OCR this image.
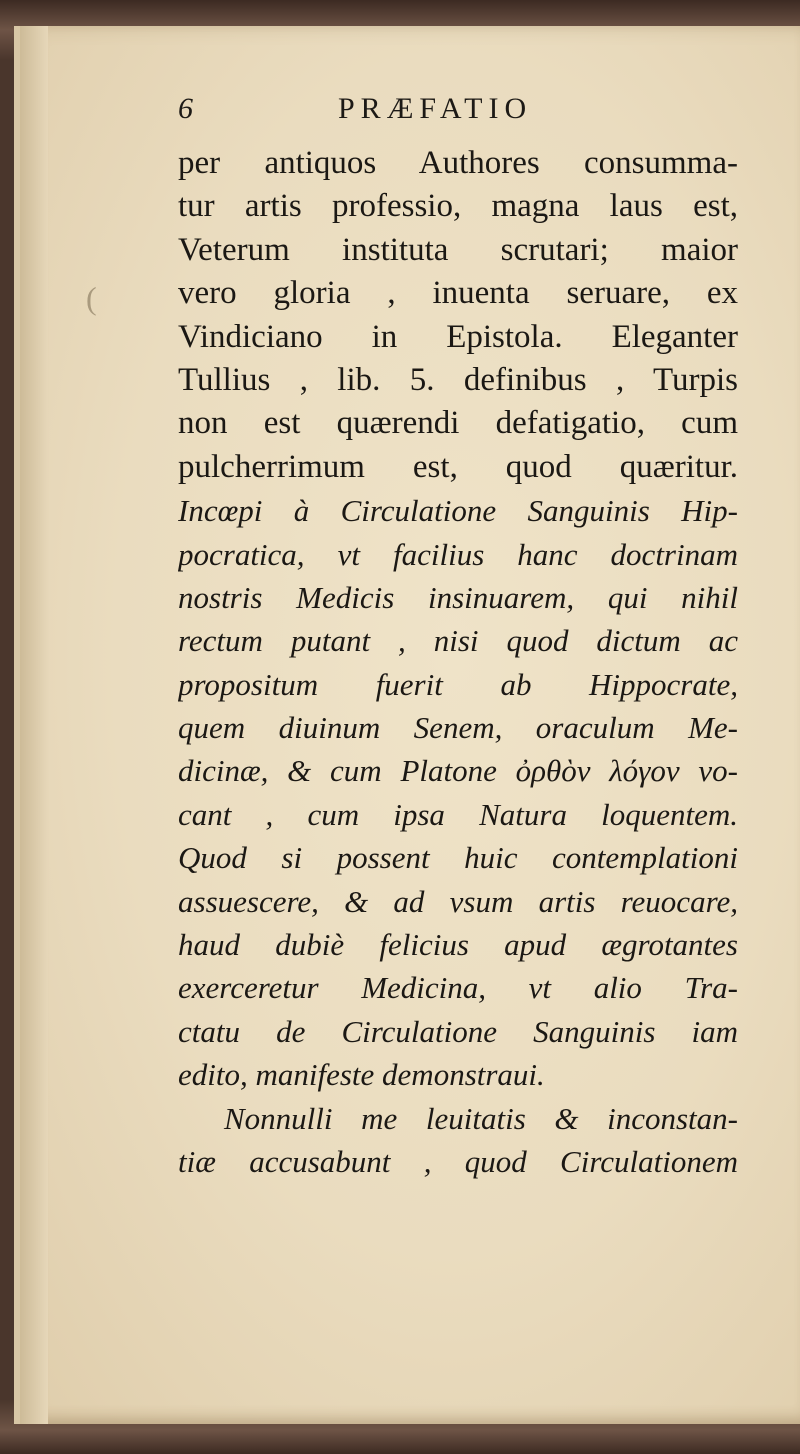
(
6	PRÆFATIO
per antiquos Authores consumma-
tur artis professio, magna laus est,
Veterum instituta scrutari; maior
vero gloria , inuenta seruare, ex
Vindiciano in Epistola. Eleganter
Tullius , lib. 5. definibus , Turpis
non est quærendi defatigatio, cum
pulcherrimum est, quod quæritur.
Incœpi à Circulatione Sanguinis Hip-
pocratica, vt facilius hanc doctrinam
nostris Medicis insinuarem, qui nihil
rectum putant , nisi quod dictum ac
propositum fuerit ab Hippocrate,
quem diuinum Senem, oraculum Me-
dicinæ, & cum Platone ὀρθὸν λόγον vo-
cant , cum ipsa Natura loquentem.
Quod si possent huic contemplationi
assuescere, & ad vsum artis reuocare,
haud dubiè felicius apud ægrotantes
exerceretur Medicina, vt alio Tra-
ctatu de Circulatione Sanguinis iam
edito, manifeste demonstraui.
Nonnulli me leuitatis & inconstan-
tiæ accusabunt , quod Circulationem
